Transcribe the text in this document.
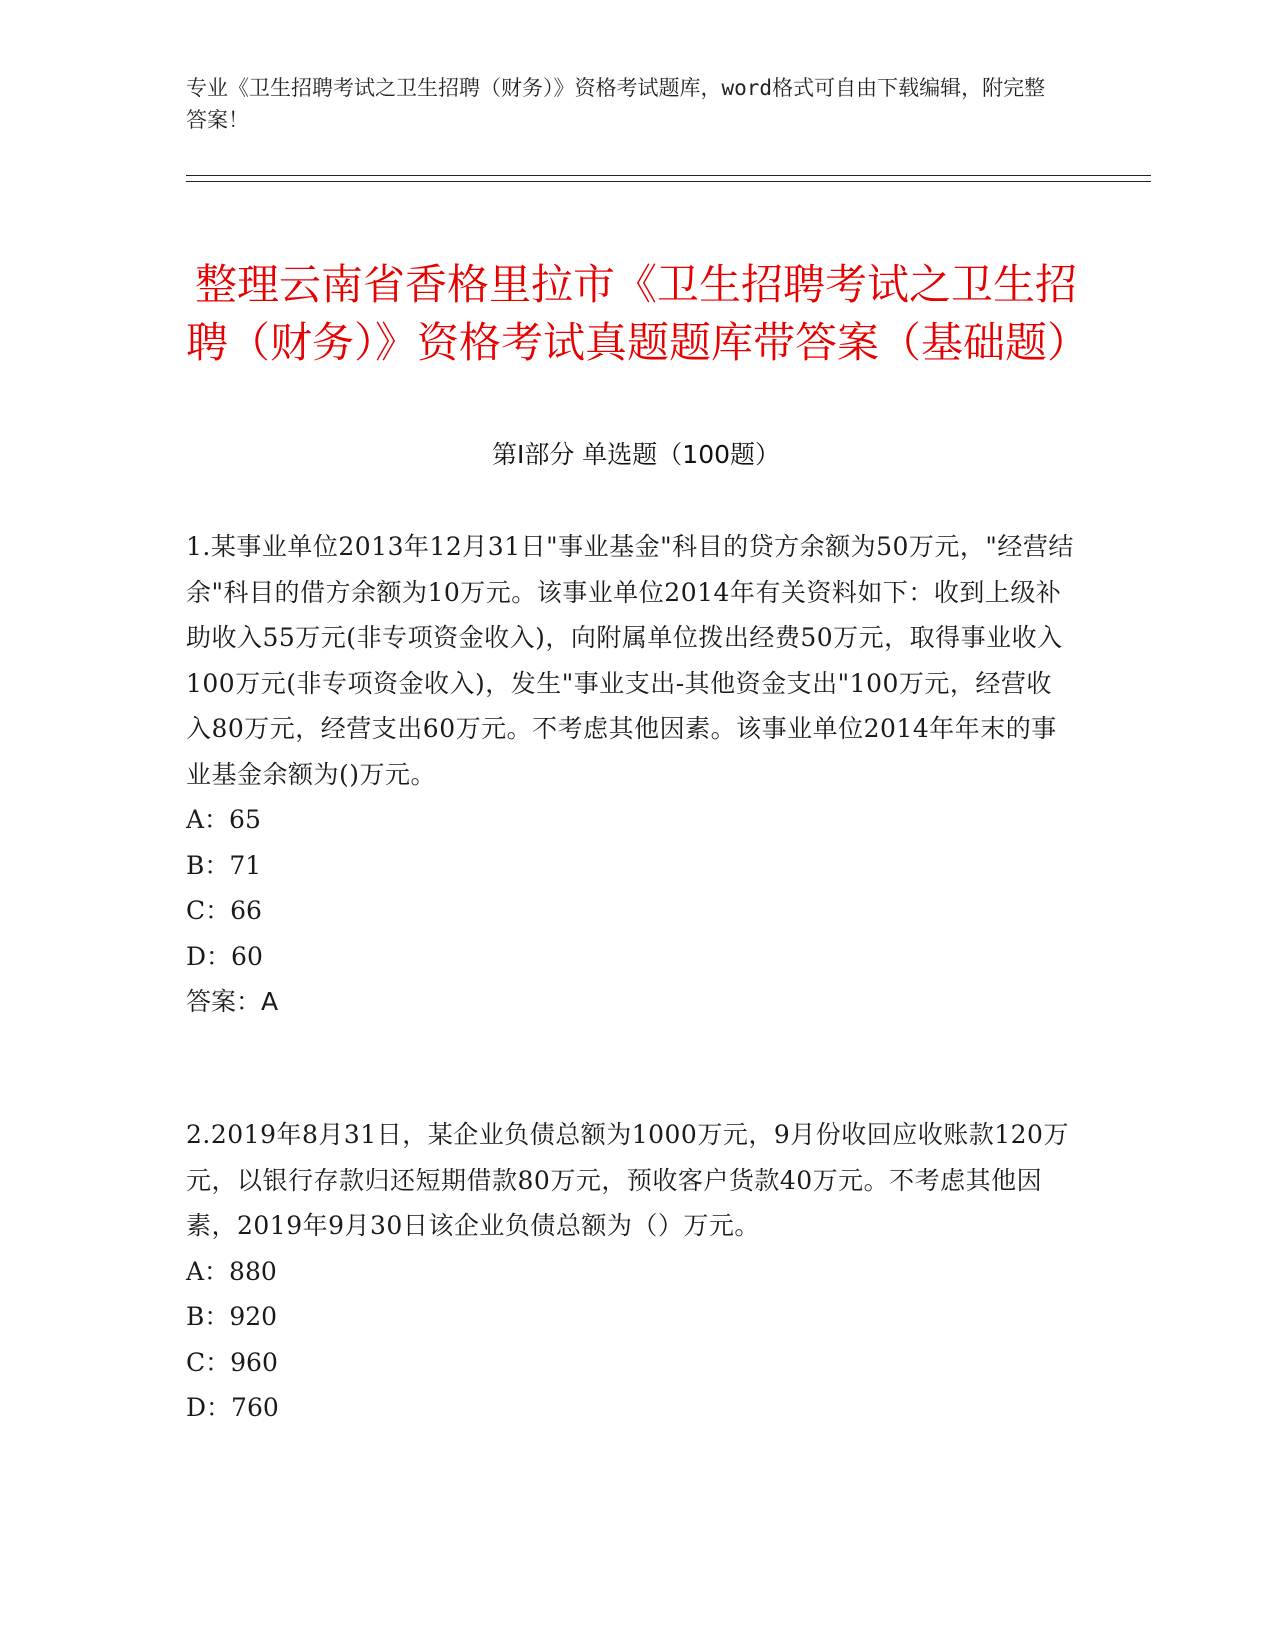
专业《卫生招聘考试之卫生招聘（财务）》资格考试题库，word格式可自由下载编辑，附完整答案！
整理云南省香格里拉市《卫生招聘考试之卫生招聘（财务）》资格考试真题题库带答案（基础题）
第I部分 单选题（100题）

1.某事业单位2013年12月31日"事业基金"科目的贷方余额为50万元，"经营结余"科目的借方余额为10万元。该事业单位2014年有关资料如下：收到上级补助收入55万元(非专项资金收入)，向附属单位拨出经费50万元，取得事业收入100万元(非专项资金收入)，发生"事业支出-其他资金支出"100万元，经营收入80万元，经营支出60万元。不考虑其他因素。该事业单位2014年年末的事业基金余额为()万元。

A：65

B：71

C：66

D：60

答案：A

2.2019年8月31日，某企业负债总额为1000万元，9月份收回应收账款120万元，以银行存款归还短期借款80万元，预收客户货款40万元。不考虑其他因素，2019年9月30日该企业负债总额为（）万元。

A：880

B：920

C：960

D：760
